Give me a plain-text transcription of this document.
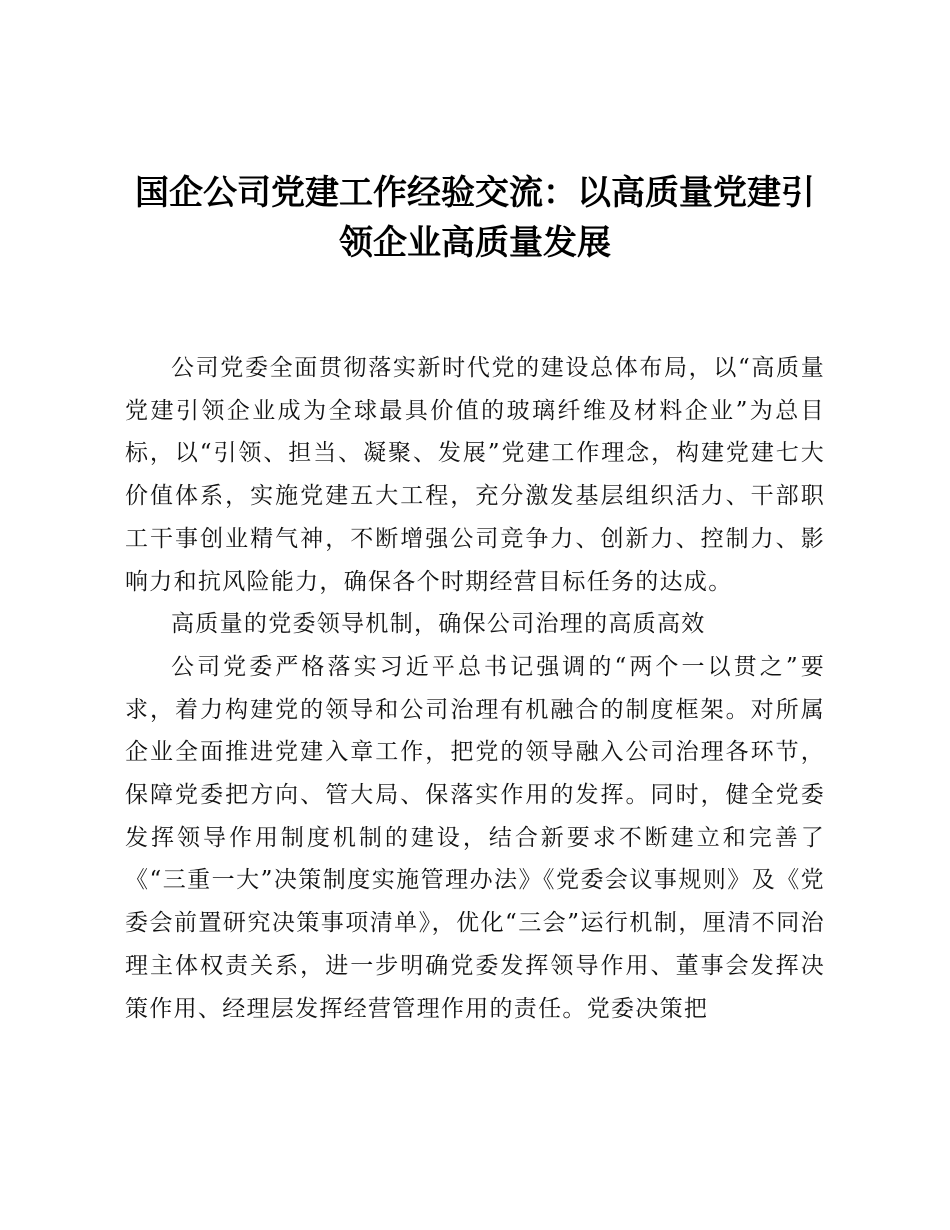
国企公司党建工作经验交流：以高质量党建引领企业高质量发展

公司党委全面贯彻落实新时代党的建设总体布局，以“高质量党建引领企业成为全球最具价值的玻璃纤维及材料企业”为总目标，以“引领、担当、凝聚、发展”党建工作理念，构建党建七大价值体系，实施党建五大工程，充分激发基层组织活力、干部职工干事创业精气神，不断增强公司竞争力、创新力、控制力、影响力和抗风险能力，确保各个时期经营目标任务的达成。

高质量的党委领导机制，确保公司治理的高质高效

公司党委严格落实习近平总书记强调的“两个一以贯之”要求，着力构建党的领导和公司治理有机融合的制度框架。对所属企业全面推进党建入章工作，把党的领导融入公司治理各环节，保障党委把方向、管大局、保落实作用的发挥。同时，健全党委发挥领导作用制度机制的建设，结合新要求不断建立和完善了《“三重一大”决策制度实施管理办法》《党委会议事规则》及《党委会前置研究决策事项清单》，优化“三会”运行机制，厘清不同治理主体权责关系，进一步明确党委发挥领导作用、董事会发挥决策作用、经理层发挥经营管理作用的责任。党委决策把
